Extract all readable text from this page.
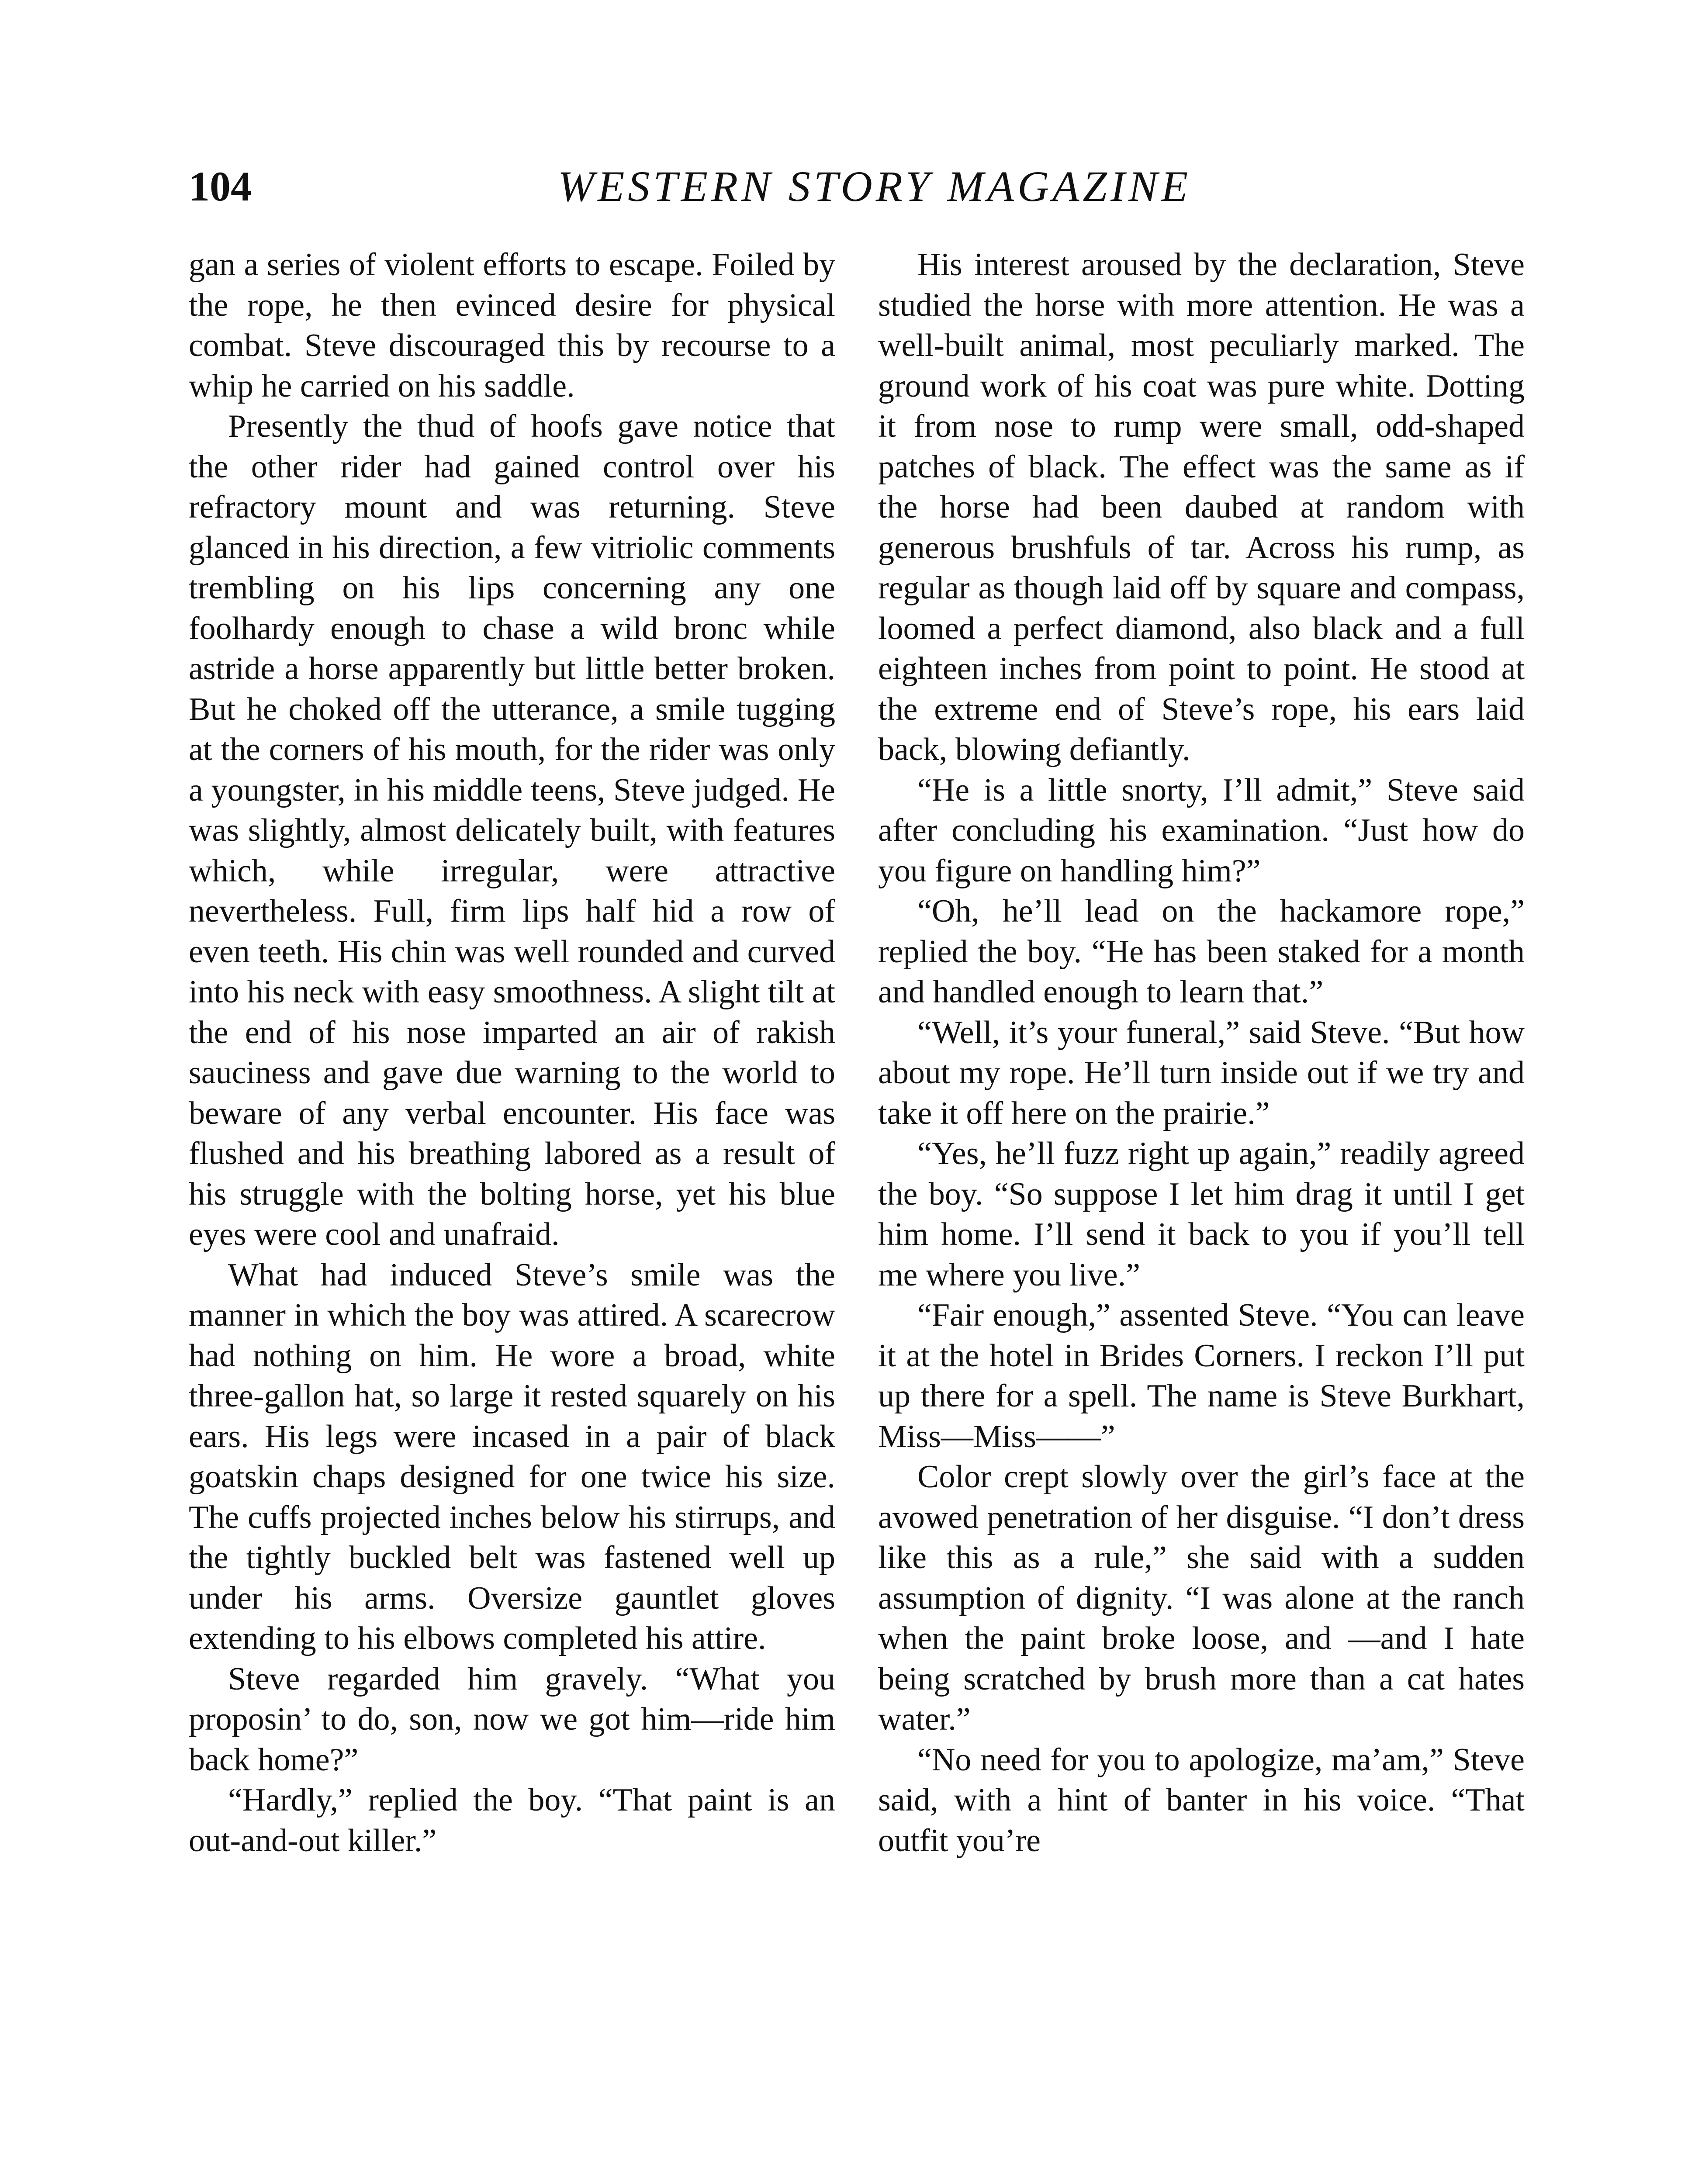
104	WESTERN STORY MAGAZINE

gan a series of violent efforts to escape. Foiled by the rope, he then evinced desire for physical combat. Steve discouraged this by recourse to a whip he carried on his saddle.

Presently the thud of hoofs gave notice that the other rider had gained control over his refractory mount and was returning. Steve glanced in his direction, a few vitriolic comments trembling on his lips concerning any one foolhardy enough to chase a wild bronc while astride a horse apparently but little better broken. But he choked off the utterance, a smile tugging at the corners of his mouth, for the rider was only a youngster, in his middle teens, Steve judged. He was slightly, almost delicately built, with features which, while irregular, were attractive nevertheless. Full, firm lips half hid a row of even teeth. His chin was well rounded and curved into his neck with easy smoothness. A slight tilt at the end of his nose imparted an air of rakish sauciness and gave due warning to the world to beware of any verbal encounter. His face was flushed and his breathing labored as a result of his struggle with the bolting horse, yet his blue eyes were cool and unafraid.

What had induced Steve’s smile was the manner in which the boy was attired. A scarecrow had nothing on him. He wore a broad, white three-gallon hat, so large it rested squarely on his ears. His legs were incased in a pair of black goatskin chaps designed for one twice his size. The cuffs projected inches below his stirrups, and the tightly buckled belt was fastened well up under his arms. Oversize gauntlet gloves extending to his elbows completed his attire.

Steve regarded him gravely. “What you proposin’ to do, son, now we got him—ride him back home?”

“Hardly,” replied the boy. “That paint is an out-and-out killer.”

His interest aroused by the declaration, Steve studied the horse with more attention. He was a well-built animal, most peculiarly marked. The ground work of his coat was pure white. Dotting it from nose to rump were small, odd-shaped patches of black. The effect was the same as if the horse had been daubed at random with generous brushfuls of tar. Across his rump, as regular as though laid off by square and compass, loomed a perfect diamond, also black and a full eighteen inches from point to point. He stood at the extreme end of Steve’s rope, his ears laid back, blowing defiantly.

“He is a little snorty, I’ll admit,” Steve said after concluding his examination. “Just how do you figure on handling him?”

“Oh, he’ll lead on the hackamore rope,” replied the boy. “He has been staked for a month and handled enough to learn that.”

“Well, it’s your funeral,” said Steve. “But how about my rope. He’ll turn inside out if we try and take it off here on the prairie.”

“Yes, he’ll fuzz right up again,” readily agreed the boy. “So suppose I let him drag it until I get him home. I’ll send it back to you if you’ll tell me where you live.”

“Fair enough,” assented Steve. “You can leave it at the hotel in Brides Corners. I reckon I’ll put up there for a spell. The name is Steve Burkhart, Miss—Miss——”

Color crept slowly over the girl’s face at the avowed penetration of her disguise. “I don’t dress like this as a rule,” she said with a sudden assumption of dignity. “I was alone at the ranch when the paint broke loose, and —and I hate being scratched by brush more than a cat hates water.”

“No need for you to apologize, ma’am,” Steve said, with a hint of banter in his voice. “That outfit you’re
